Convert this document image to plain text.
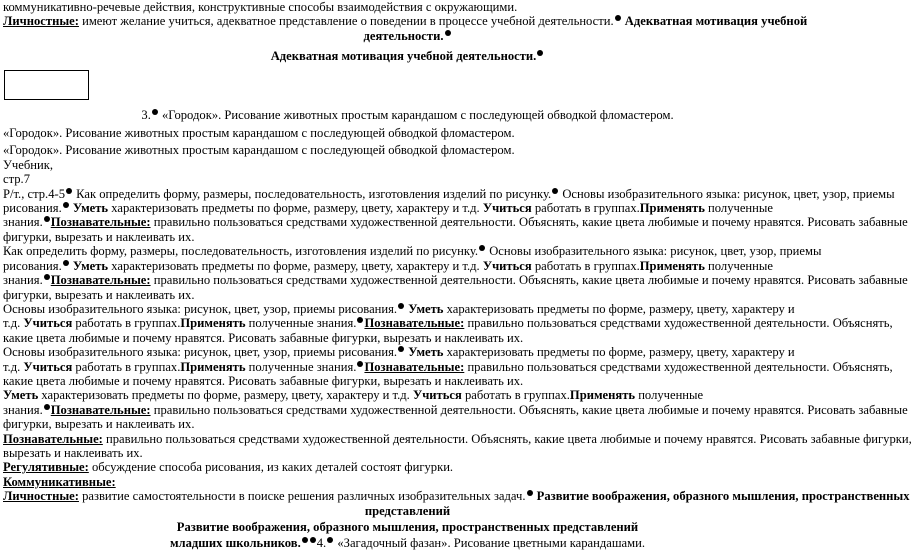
коммуникативно-речевые действия, конструктивные способы взаимодействия с окружающими.
Личностные: имеют желание учиться, адекватное представление о поведении в процессе учебной деятельности. Адекватная мотивация учебной
деятельности.
Адекватная мотивация учебной деятельности.
3. «Городок». Рисование животных простым карандашом с последующей обводкой фломастером.
«Городок». Рисование животных простым карандашом с последующей обводкой фломастером.
«Городок». Рисование животных простым карандашом с последующей обводкой фломастером.
Учебник,
стр.7
Р/т., стр.4-5 Как определить форму, размеры, последовательность, изготовления изделий по рисунку. Основы изобразительного языка: рисунок, цвет, узор, приемы
рисования. Уметь характеризовать предметы по форме, размеру, цвету, характеру и т.д. Учиться работать в группах.Применять полученные
знания. Познавательные: правильно пользоваться средствами художественной деятельности. Объяснять, какие цвета любимые и почему нравятся. Рисовать забавные
фигурки, вырезать и наклеивать их.
Как определить форму, размеры, последовательность, изготовления изделий по рисунку. Основы изобразительного языка: рисунок, цвет, узор, приемы
рисования. Уметь характеризовать предметы по форме, размеру, цвету, характеру и т.д. Учиться работать в группах.Применять полученные
знания. Познавательные: правильно пользоваться средствами художественной деятельности. Объяснять, какие цвета любимые и почему нравятся. Рисовать забавные
фигурки, вырезать и наклеивать их.
Основы изобразительного языка: рисунок, цвет, узор, приемы рисования. Уметь характеризовать предметы по форме, размеру, цвету, характеру и
т.д. Учиться работать в группах.Применять полученные знания. Познавательные: правильно пользоваться средствами художественной деятельности. Объяснять,
какие цвета любимые и почему нравятся. Рисовать забавные фигурки, вырезать и наклеивать их.
Основы изобразительного языка: рисунок, цвет, узор, приемы рисования. Уметь характеризовать предметы по форме, размеру, цвету, характеру и
т.д. Учиться работать в группах.Применять полученные знания. Познавательные: правильно пользоваться средствами художественной деятельности. Объяснять,
какие цвета любимые и почему нравятся. Рисовать забавные фигурки, вырезать и наклеивать их.
Уметь характеризовать предметы по форме, размеру, цвету, характеру и т.д. Учиться работать в группах.Применять полученные
знания. Познавательные: правильно пользоваться средствами художественной деятельности. Объяснять, какие цвета любимые и почему нравятся. Рисовать забавные
фигурки, вырезать и наклеивать их.
Познавательные: правильно пользоваться средствами художественной деятельности. Объяснять, какие цвета любимые и почему нравятся. Рисовать забавные фигурки,
вырезать и наклеивать их.
Регулятивные: обсуждение способа рисования, из каких деталей состоят фигурки.
Коммуникативные:
Личностные: развитие самостоятельности в поиске решения различных изобразительных задач. Развитие воображения, образного мышления, пространственных
представлений
Развитие воображения, образного мышления, пространственных представлений
младших школьников. 4. «Загадочный фазан». Рисование цветными карандашами.
